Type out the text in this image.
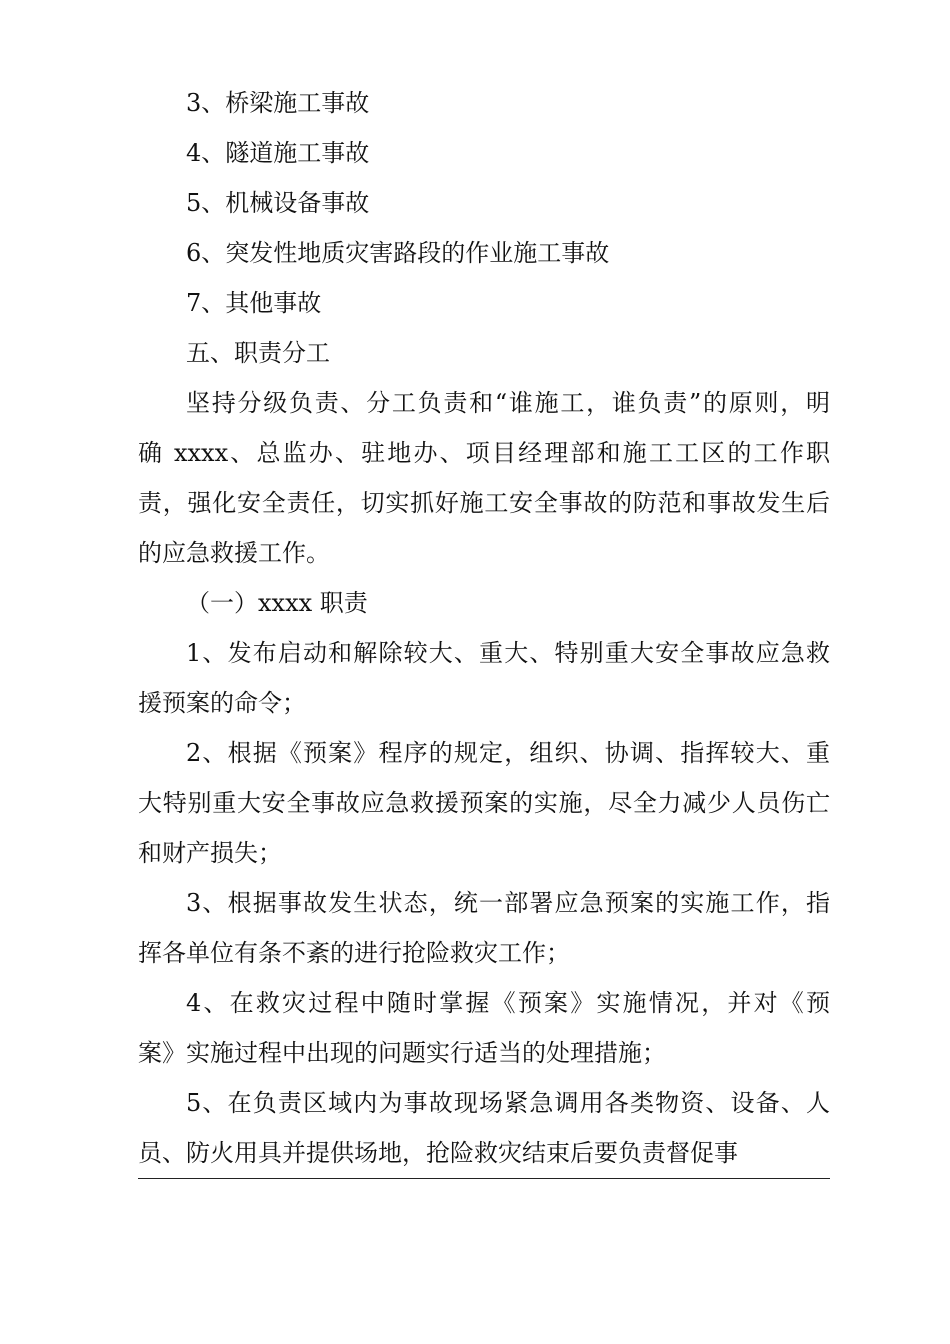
3、桥梁施工事故
4、隧道施工事故
5、机械设备事故
6、突发性地质灾害路段的作业施工事故
7、其他事故
五、职责分工
坚持分级负责、分工负责和“谁施工，谁负责”的原则，明
确 xxxx、总监办、驻地办、项目经理部和施工工区的工作职
责，强化安全责任，切实抓好施工安全事故的防范和事故发生后
的应急救援工作。
（一）xxxx 职责
1、发布启动和解除较大、重大、特别重大安全事故应急救
援预案的命令；
2、根据《预案》程序的规定，组织、协调、指挥较大、重
大特别重大安全事故应急救援预案的实施，尽全力减少人员伤亡
和财产损失；
3、根据事故发生状态，统一部署应急预案的实施工作，指
挥各单位有条不紊的进行抢险救灾工作；
4、在救灾过程中随时掌握《预案》实施情况，并对《预
案》实施过程中出现的问题实行适当的处理措施；
5、在负责区域内为事故现场紧急调用各类物资、设备、人
员、防火用具并提供场地，抢险救灾结束后要负责督促事
